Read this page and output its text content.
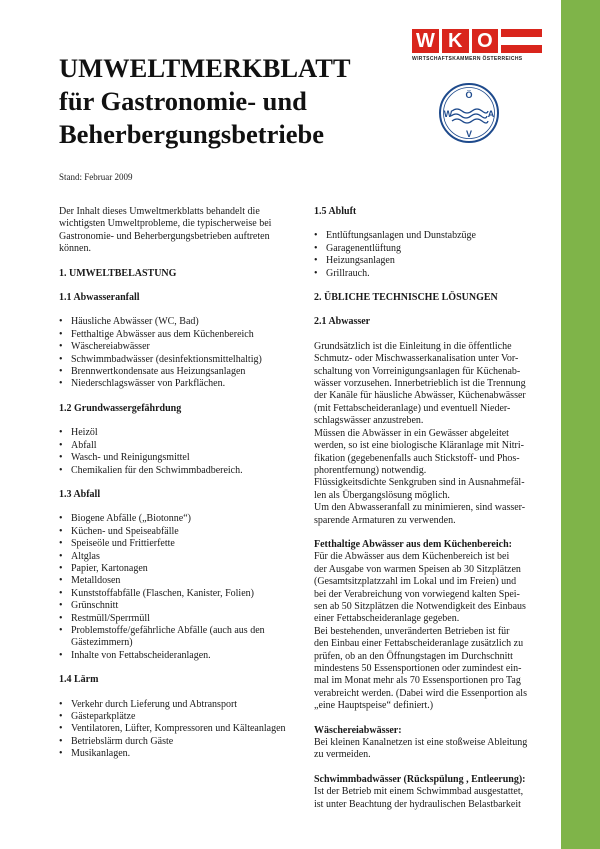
UMWELTMERKBLATT
für Gastronomie- und
Beherbergungsbetriebe
Stand: Februar 2009
W K O
WIRTSCHAFTSKAMMERN ÖSTERREICHS
Ö
W	A
V

Der Inhalt dieses Umweltmerkblatts behandelt die
wichtigsten Umweltprobleme, die typischerweise bei
Gastronomie- und Beherbergungsbetrieben auftreten
können.

1. UMWELTBELASTUNG
1.1 Abwasseranfall
• Häusliche Abwässer (WC, Bad)
• Fetthaltige Abwässer aus dem Küchenbereich
• Wäschereiabwässer
• Schwimmbadwässer (desinfektionsmittelhaltig)
• Brennwertkondensate aus Heizungsanlagen
• Niederschlagswässer von Parkflächen.
1.2 Grundwassergefährdung
• Heizöl
• Abfall
• Wasch- und Reinigungsmittel
• Chemikalien für den Schwimmbadbereich.
1.3 Abfall
• Biogene Abfälle („Biotonne“)
• Küchen- und Speiseabfälle
• Speiseöle und Frittierfette
• Altglas
• Papier, Kartonagen
• Metalldosen
• Kunststoffabfälle (Flaschen, Kanister, Folien)
• Grünschnitt
• Restmüll/Sperrmüll
• Problemstoffe/gefährliche Abfälle (auch aus den Gästezimmern)
• Inhalte von Fettabscheideranlagen.
1.4 Lärm
• Verkehr durch Lieferung und Abtransport
• Gästeparkplätze
• Ventilatoren, Lüfter, Kompressoren und Kälteanlagen
• Betriebslärm durch Gäste
• Musikanlagen.
1.5 Abluft
• Entlüftungsanlagen und Dunstabzüge
• Garagenentlüftung
• Heizungsanlagen
• Grillrauch.
2. ÜBLICHE TECHNISCHE LÖSUNGEN
2.1 Abwasser

Grundsätzlich ist die Einleitung in die öffentliche
Schmutz- oder Mischwasserkanalisation unter Vor-
schaltung von Vorreinigungsanlagen für Küchenab-
wässer vorzusehen. Innerbetrieblich ist die Trennung
der Kanäle für häusliche Abwässer, Küchenabwässer
(mit Fettabscheideranlage) und eventuell Nieder-
schlagswässer anzustreben.
Müssen die Abwässer in ein Gewässer abgeleitet
werden, so ist eine biologische Kläranlage mit Nitri-
fikation (gegebenenfalls auch Stickstoff- und Phos-
phorentfernung) notwendig.
Flüssigkeitsdichte Senkgruben sind in Ausnahmefäl-
len als Übergangslösung möglich.
Um den Abwasseranfall zu minimieren, sind wasser-
sparende Armaturen zu verwenden.

Fetthaltige Abwässer aus dem Küchenbereich:

Für die Abwässer aus dem Küchenbereich ist bei
der Ausgabe von warmen Speisen ab 30 Sitzplätzen
(Gesamtsitzplatzzahl im Lokal und im Freien) und
bei der Verabreichung von vorwiegend kalten Spei-
sen ab 50 Sitzplätzen die Notwendigkeit des Einbaus
einer Fettabscheideranlage gegeben.
Bei bestehenden, unveränderten Betrieben ist für
den Einbau einer Fettabscheideranlage zusätzlich zu
prüfen, ob an den Öffnungstagen im Durchschnitt
mindestens 50 Essensportionen oder zumindest ein-
mal im Monat mehr als 70 Essensportionen pro Tag
verabreicht werden. (Dabei wird die Essenportion als
„eine Hauptspeise“ definiert.)

Wäschereiabwässer:

Bei kleinen Kanalnetzen ist eine stoßweise Ableitung
zu vermeiden.

Schwimmbadwässer (Rückspülung , Entleerung):

Ist der Betrieb mit einem Schwimmbad ausgestattet,
ist unter Beachtung der hydraulischen Belastbarkeit
